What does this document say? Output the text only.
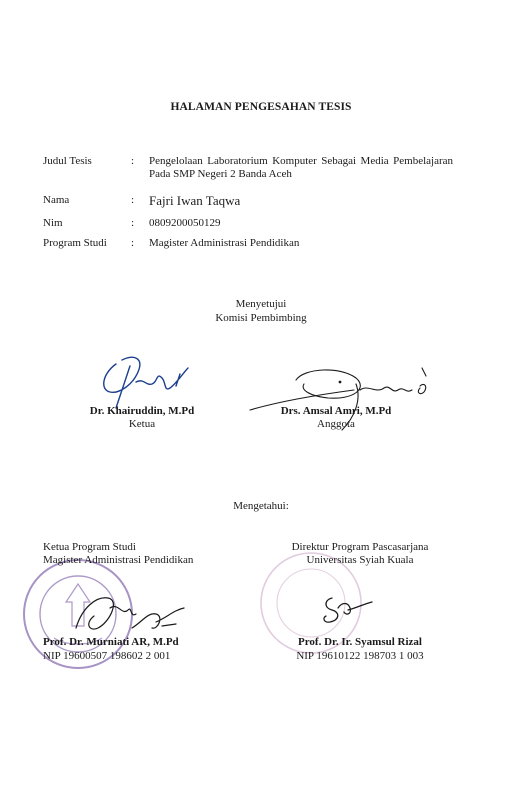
HALAMAN PENGESAHAN TESIS
Judul Tesis	:	Pengelolaan Laboratorium Komputer Sebagai Media Pembelajaran Pada SMP Negeri 2 Banda Aceh
Nama	:	Fajri Iwan Taqwa
Nim	:	0809200050129
Program Studi	:	Magister Administrasi Pendidikan
Menyetujui
Komisi Pembimbing
Dr. Khairuddin, M.Pd
Ketua
Drs. Amsal Amri, M.Pd
Anggota
Mengetahui:
Ketua Program Studi
Magister Administrasi Pendidikan
Prof. Dr. Murniati AR, M.Pd
NIP 19600507 198602 2 001
Direktur Program Pascasarjana
Universitas Syiah Kuala
Prof. Dr. Ir. Syamsul Rizal
NIP 19610122 198703 1 003
